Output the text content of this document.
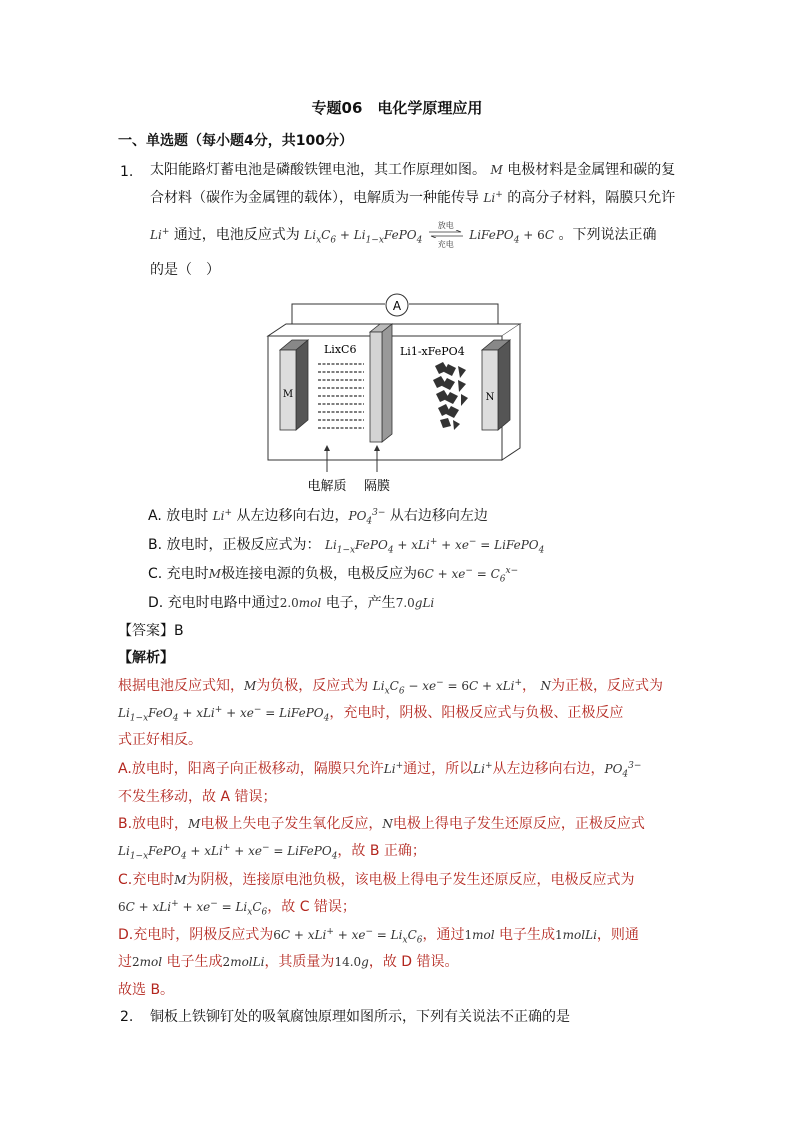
专题06　电化学原理应用
一、单选题（每小题4分，共100分）
1. 太阳能路灯蓄电池是磷酸铁锂电池，其工作原理如图。 M 电极材料是金属锂和碳的复
合材料（碳作为金属锂的载体），电解质为一种能传导 Li+ 的高分子材料，隔膜只允许
Li+ 通过，电池反应式为 $Li_xC_6$ + $Li_{1-x}FePO_4$
放电
充电
LiFePO$_4$ + 6C 。下列说法正确
的是（　）
A
M	N
LixC6	Li1-xFePO4
电解质 隔膜
A. 放电时 Li+ 从左边移向右边，$PO_4^{3-}$ 从右边移向左边
B. 放电时，正极反应式为： $Li_{1-x}FePO_4 + xLi^+ + xe^-$ = LiFePO$_4$
C. 充电时M极连接电源的负极，电极反应为$6C + xe^- = C_6^{x-}$
D. 充电时电路中通过2.0mol 电子，产生7.0gLi
【答案】B
【解析】
根据电池反应式知，M为负极，反应式为 $Li_xC_6 - xe^- = 6C + xLi^+$， N为正极，反应式为
$Li_{1-x}FeO_4 + xLi^+ + xe^-$ = LiFePO$_4$，充电时，阴极、阳极反应式与负极、正极反应
式正好相反。
A.放电时，阳离子向正极移动，隔膜只允许Li+通过，所以Li+从左边移向右边，$PO_4^{3-}$
不发生移动，故 A 错误；
B.放电时，M电极上失电子发生氧化反应，N电极上得电子发生还原反应，正极反应式
$Li_{1-x}FePO_4 + xLi^+ + xe^-$ = LiFePO$_4$，故 B 正确；
C.充电时M为阴极，连接原电池负极，该电极上得电子发生还原反应，电极反应式为
$6C + xLi^+ + xe^- = Li_xC_6$，故 C 错误；
D.充电时，阴极反应式为$6C + xLi^+ + xe^- = Li_xC_6$，通过1mol 电子生成1molLi，则通
过2mol 电子生成2molLi，其质量为14.0g，故 D 错误。
故选 B。
2. 铜板上铁铆钉处的吸氧腐蚀原理如图所示，下列有关说法不正确的是
